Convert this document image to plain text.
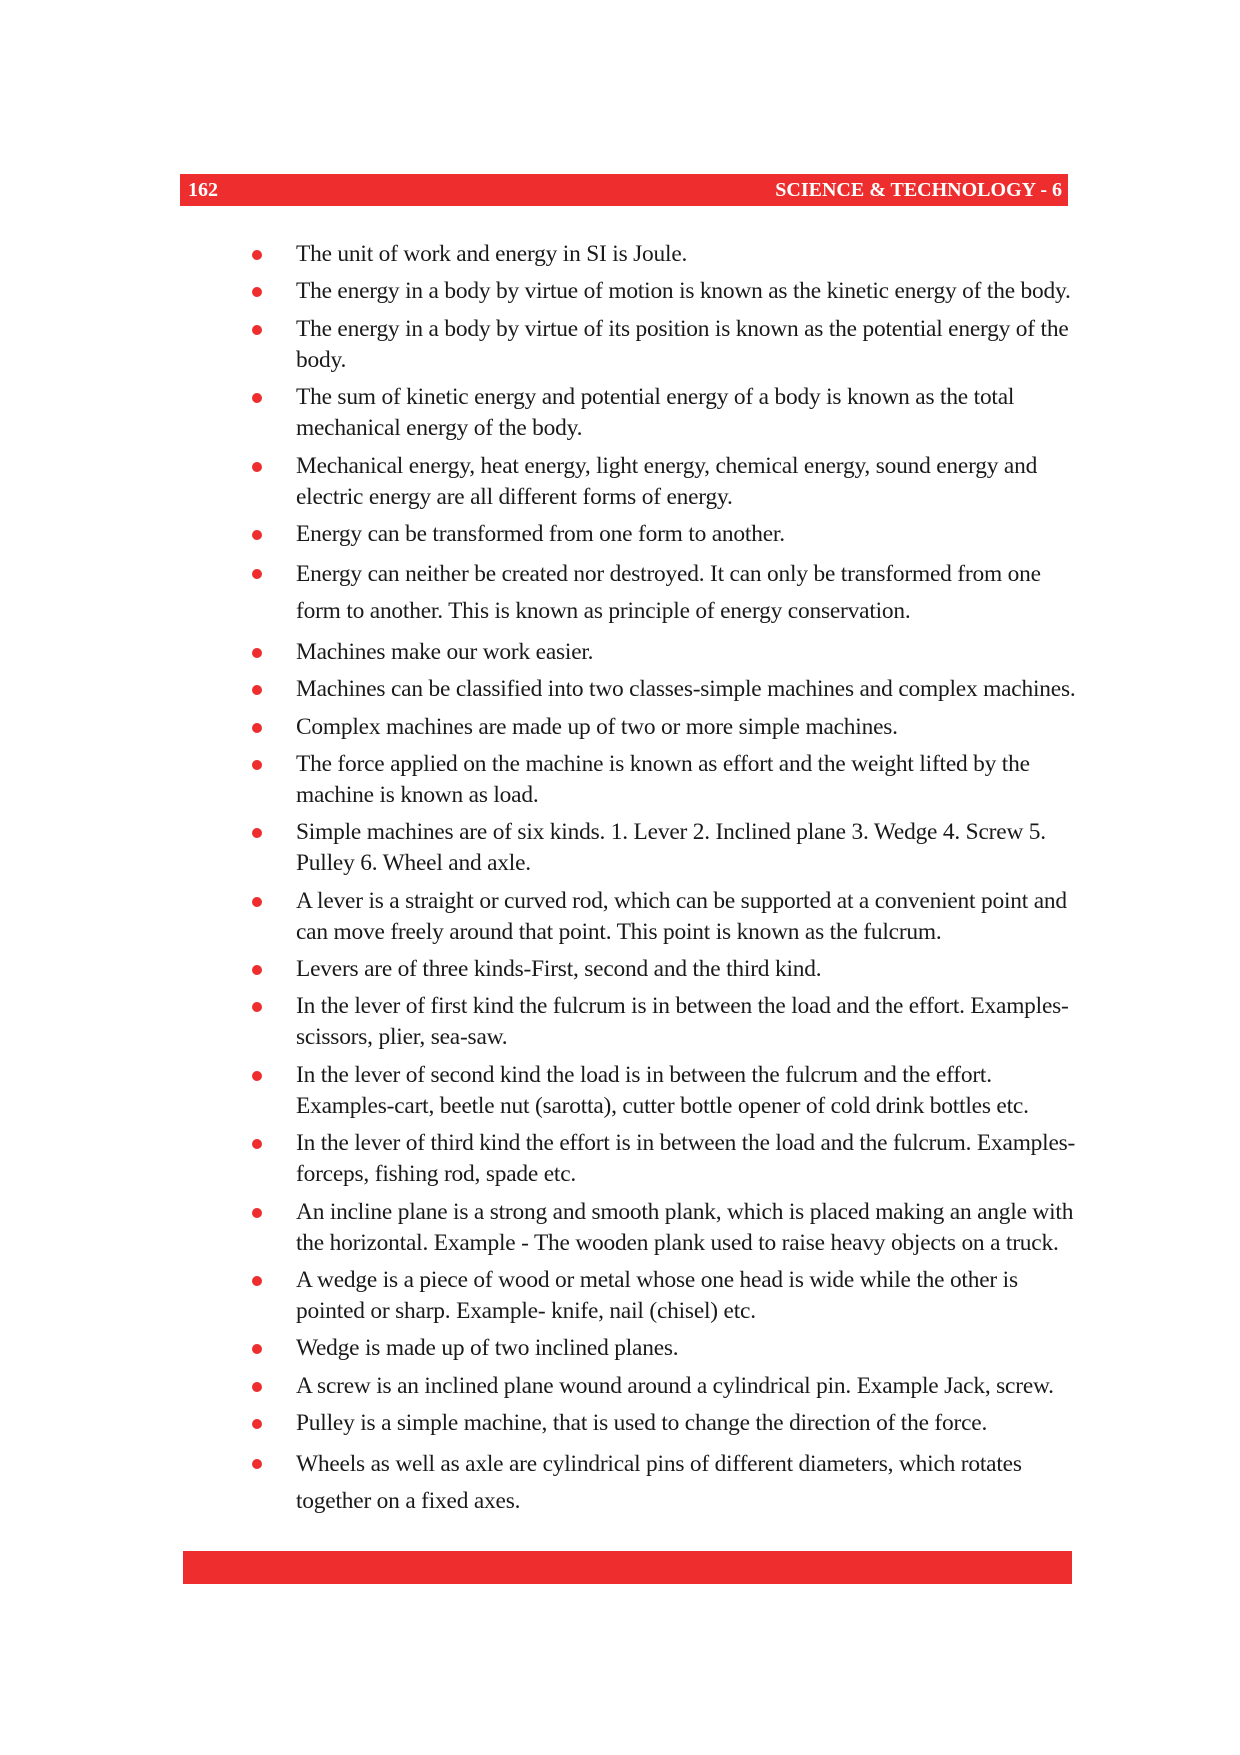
162	SCIENCE & TECHNOLOGY - 6
The unit of work and energy in SI is Joule.
The energy in a body by virtue of motion is known as the kinetic energy of the body.
The energy in a body by virtue of its position is known as the potential energy of the body.
The sum of kinetic energy and potential energy of a body is known as the total mechanical energy of the body.
Mechanical energy, heat energy, light energy, chemical energy, sound energy and electric energy are all different forms of energy.
Energy can be transformed from one form to another.
Energy can neither be created nor destroyed. It can only be transformed from one form to another. This is known as principle of energy conservation.
Machines make our work easier.
Machines can be classified into two classes-simple machines and complex machines.
Complex machines are made up of two or more simple machines.
The force applied on the machine is known as effort and the weight lifted by the machine is known as load.
Simple machines are of six kinds. 1. Lever 2. Inclined plane 3. Wedge 4. Screw 5. Pulley 6. Wheel and axle.
A lever is a straight or curved rod, which can be supported at a convenient point and can move freely around that point. This point is known as the fulcrum.
Levers are of three kinds-First, second and the third kind.
In the lever of first kind the fulcrum is in between the load and the effort. Examples-scissors, plier, sea-saw.
In the lever of second kind the load is in between the fulcrum and the effort. Examples-cart, beetle nut (sarotta), cutter bottle opener of cold drink bottles etc.
In the lever of third kind the effort is in between the load and the fulcrum. Examples-forceps, fishing rod, spade etc.
An incline plane is a strong and smooth plank, which is placed making an angle with the horizontal. Example - The wooden plank used to raise heavy objects on a truck.
A wedge is a piece of wood or metal whose one head is wide while the other is pointed or sharp. Example- knife, nail (chisel) etc.
Wedge is made up of two inclined planes.
A screw is an inclined plane wound around a cylindrical pin. Example Jack, screw.
Pulley is a simple machine, that is used to change the direction of the force.
Wheels as well as axle are cylindrical pins of different diameters, which rotates together on a fixed axes.
